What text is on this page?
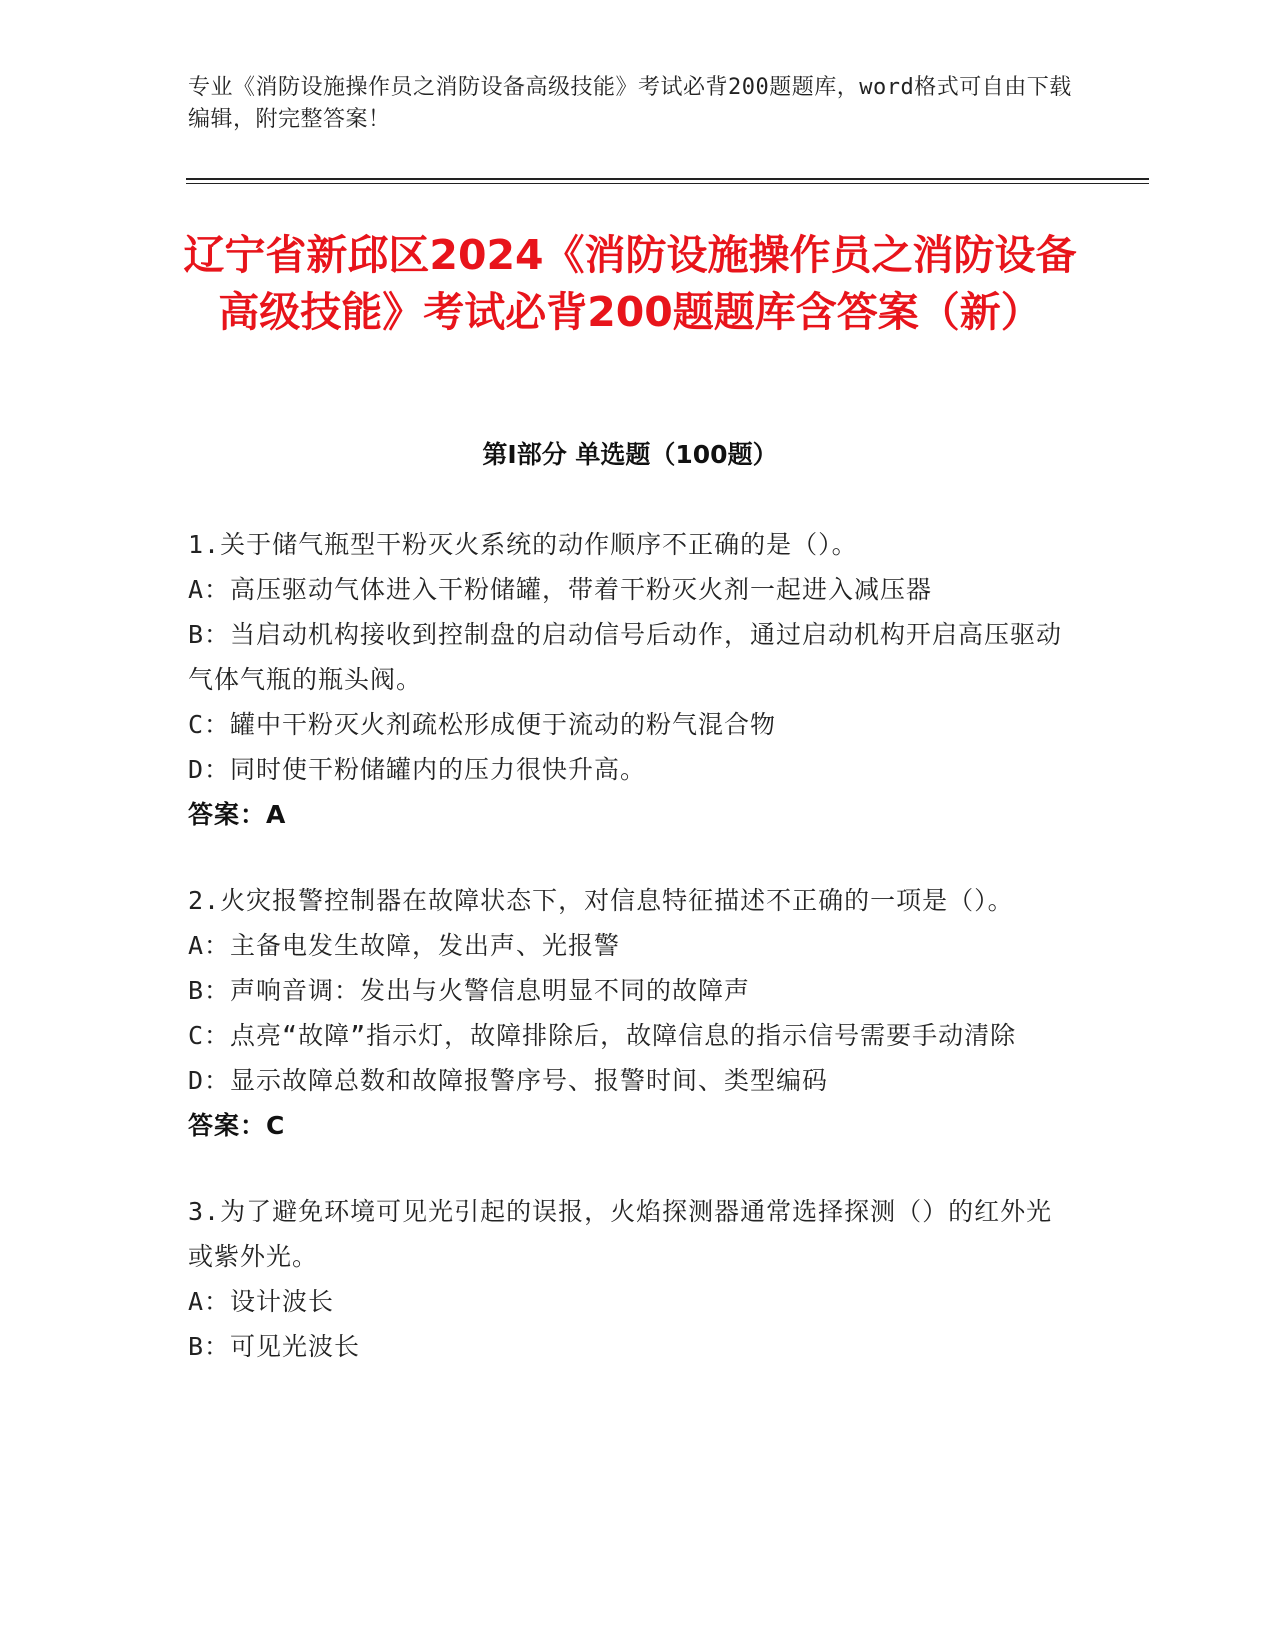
专业《消防设施操作员之消防设备高级技能》考试必背200题题库，word格式可自由下载编辑，附完整答案！
辽宁省新邱区2024《消防设施操作员之消防设备高级技能》考试必背200题题库含答案（新）
第Ⅰ部分 单选题（100题）

1.关于储气瓶型干粉灭火系统的动作顺序不正确的是（）。

A：高压驱动气体进入干粉储罐，带着干粉灭火剂一起进入减压器

B：当启动机构接收到控制盘的启动信号后动作，通过启动机构开启高压驱动气体气瓶的瓶头阀。

C：罐中干粉灭火剂疏松形成便于流动的粉气混合物

D：同时使干粉储罐内的压力很快升高。

答案：A

2.火灾报警控制器在故障状态下，对信息特征描述不正确的一项是（）。

A：主备电发生故障，发出声、光报警

B：声响音调：发出与火警信息明显不同的故障声

C：点亮“故障”指示灯，故障排除后，故障信息的指示信号需要手动清除

D：显示故障总数和故障报警序号、报警时间、类型编码

答案：C

3.为了避免环境可见光引起的误报，火焰探测器通常选择探测（）的红外光或紫外光。

A：设计波长

B：可见光波长
